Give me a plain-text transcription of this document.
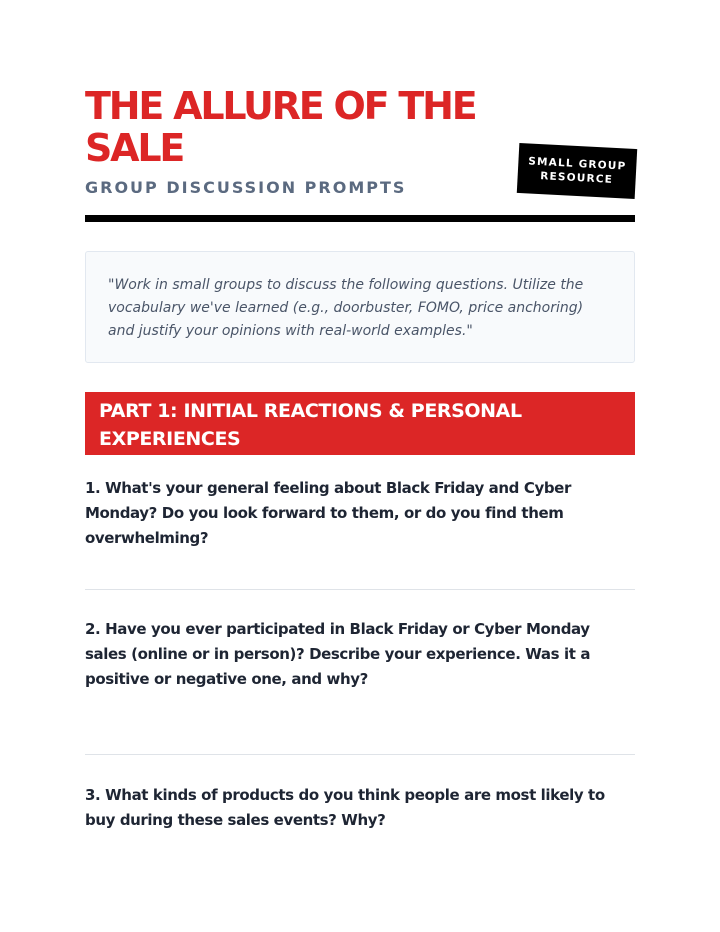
THE ALLURE OF THE SALE	SMALL GROUP RESOURCE
GROUP DISCUSSION PROMPTS

"Work in small groups to discuss the following questions. Utilize the vocabulary we've learned (e.g., doorbuster, FOMO, price anchoring) and justify your opinions with real-world examples."

PART 1: INITIAL REACTIONS & PERSONAL EXPERIENCES

1. What's your general feeling about Black Friday and Cyber Monday? Do you look forward to them, or do you find them overwhelming?

2. Have you ever participated in Black Friday or Cyber Monday sales (online or in person)? Describe your experience. Was it a positive or negative one, and why?

3. What kinds of products do you think people are most likely to buy during these sales events? Why?
